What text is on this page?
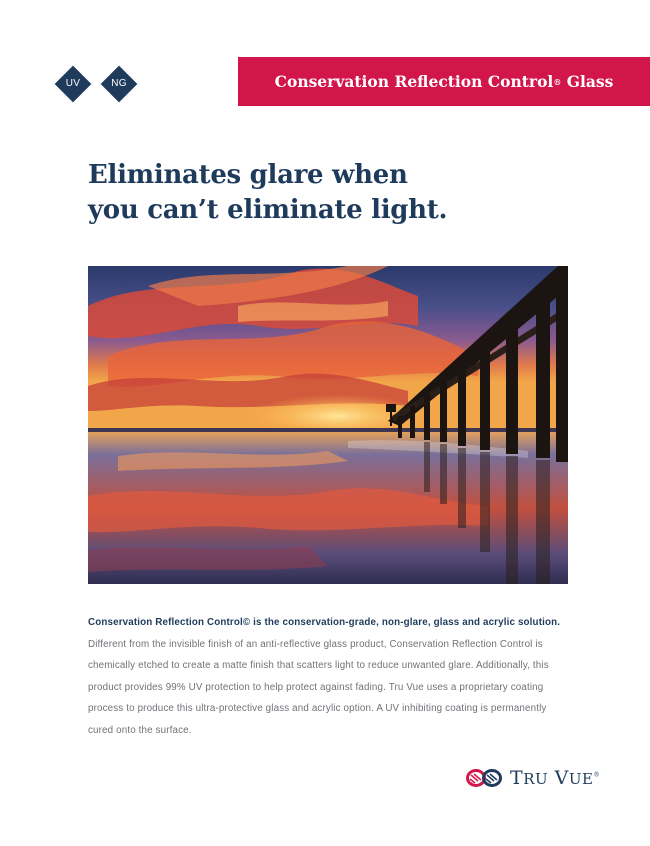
UV	NG	Conservation Reflection Control ® Glass
Eliminates glare when
you can’t eliminate light.
Conservation Reflection Control© is the conservation-grade, non-glare, glass and acrylic solution. Different from the invisible finish of an anti-reflective glass product, Conservation Reflection Control is chemically etched to create a matte finish that scatters light to reduce unwanted glare. Additionally, this product provides 99% UV protection to help protect against fading. Tru Vue uses a proprietary coating process to produce this ultra-protective glass and acrylic option. A UV inhibiting coating is permanently cured onto the surface.
TRU VUE®
